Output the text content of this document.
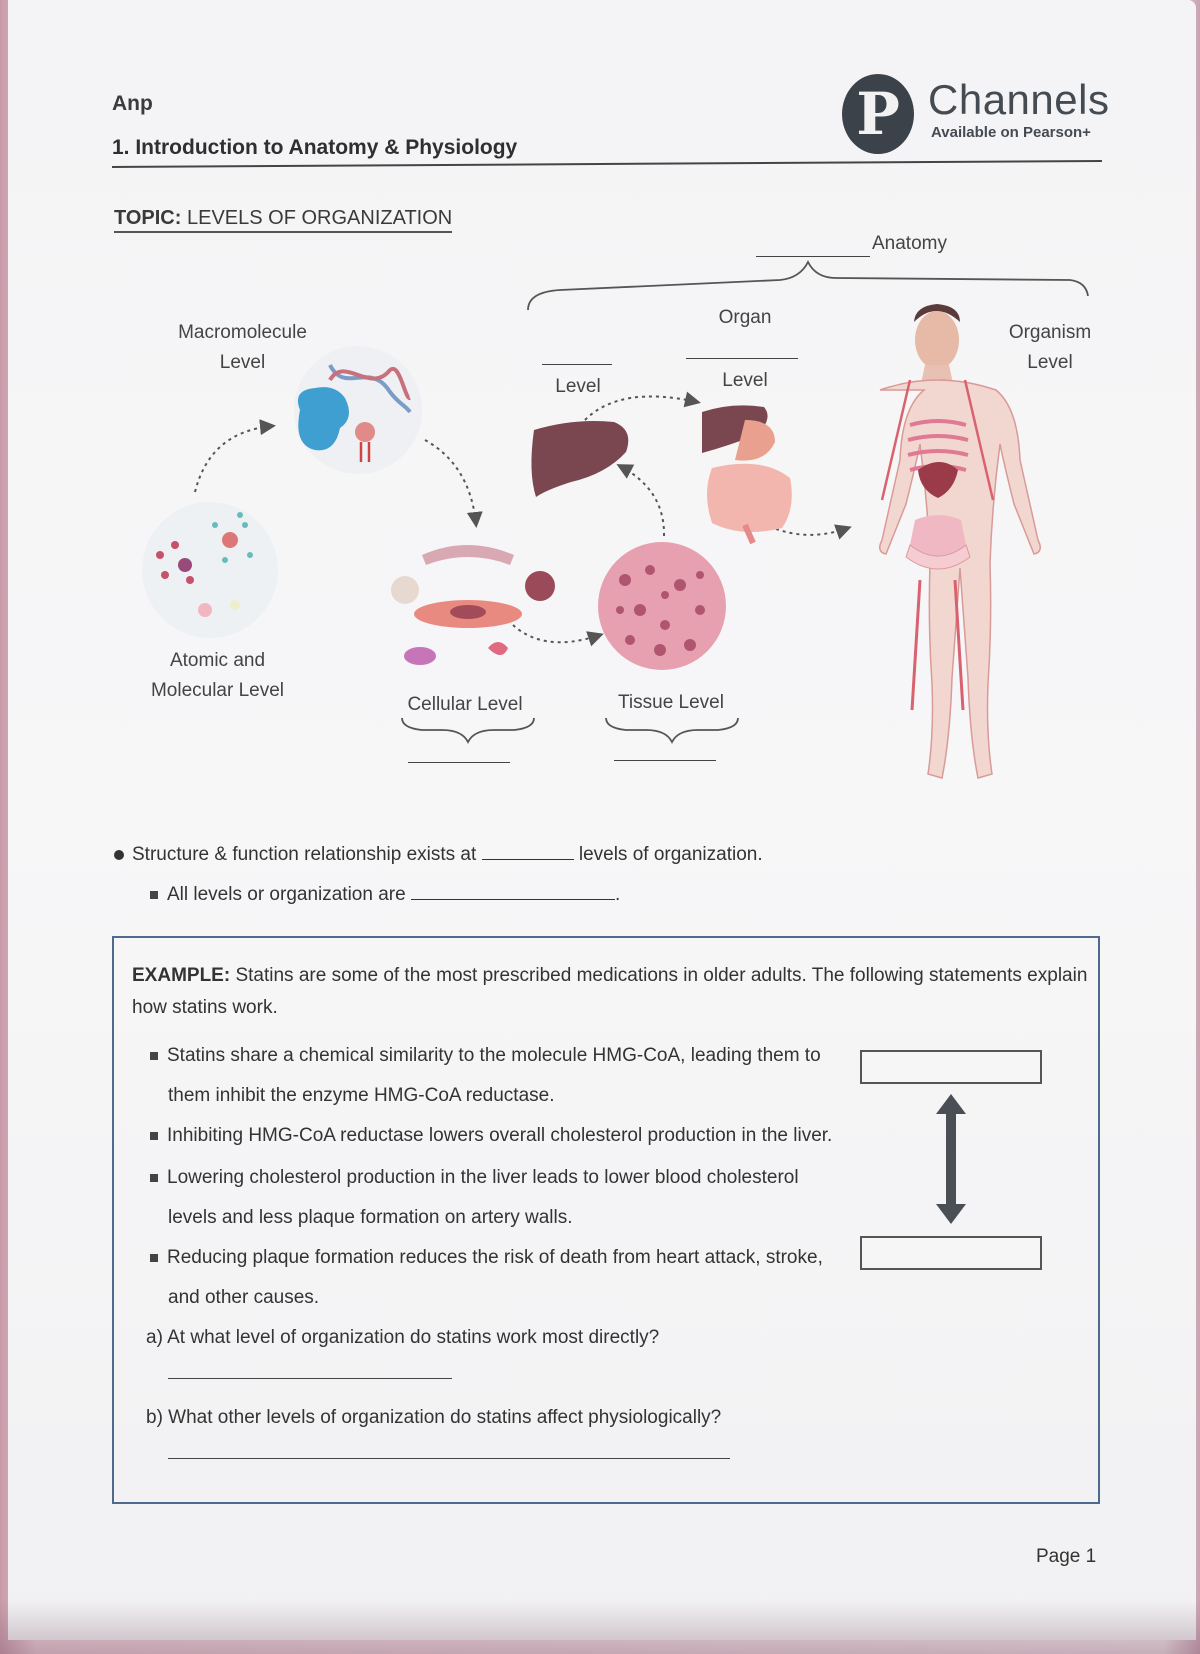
Anp
1. Introduction to Anatomy & Physiology	P Channels
Available on Pearson+
TOPIC: LEVELS OF ORGANIZATION
Anatomy
Macromolecule
Level
Atomic and
Molecular Level
Cellular Level	Tissue Level
Level
Organ
Level
Organism
Level
Structure & function relationship exists at	levels of organization.
All levels or organization are	.
EXAMPLE: Statins are some of the most prescribed medications in older adults. The following statements explain
how statins work.
Statins share a chemical similarity to the molecule HMG-CoA, leading them to
them inhibit the enzyme HMG-CoA reductase.
Inhibiting HMG-CoA reductase lowers overall cholesterol production in the liver.
Lowering cholesterol production in the liver leads to lower blood cholesterol
levels and less plaque formation on artery walls.
Reducing plaque formation reduces the risk of death from heart attack, stroke,
and other causes.
a) At what level of organization do statins work most directly?
b) What other levels of organization do statins affect physiologically?
Page 1
